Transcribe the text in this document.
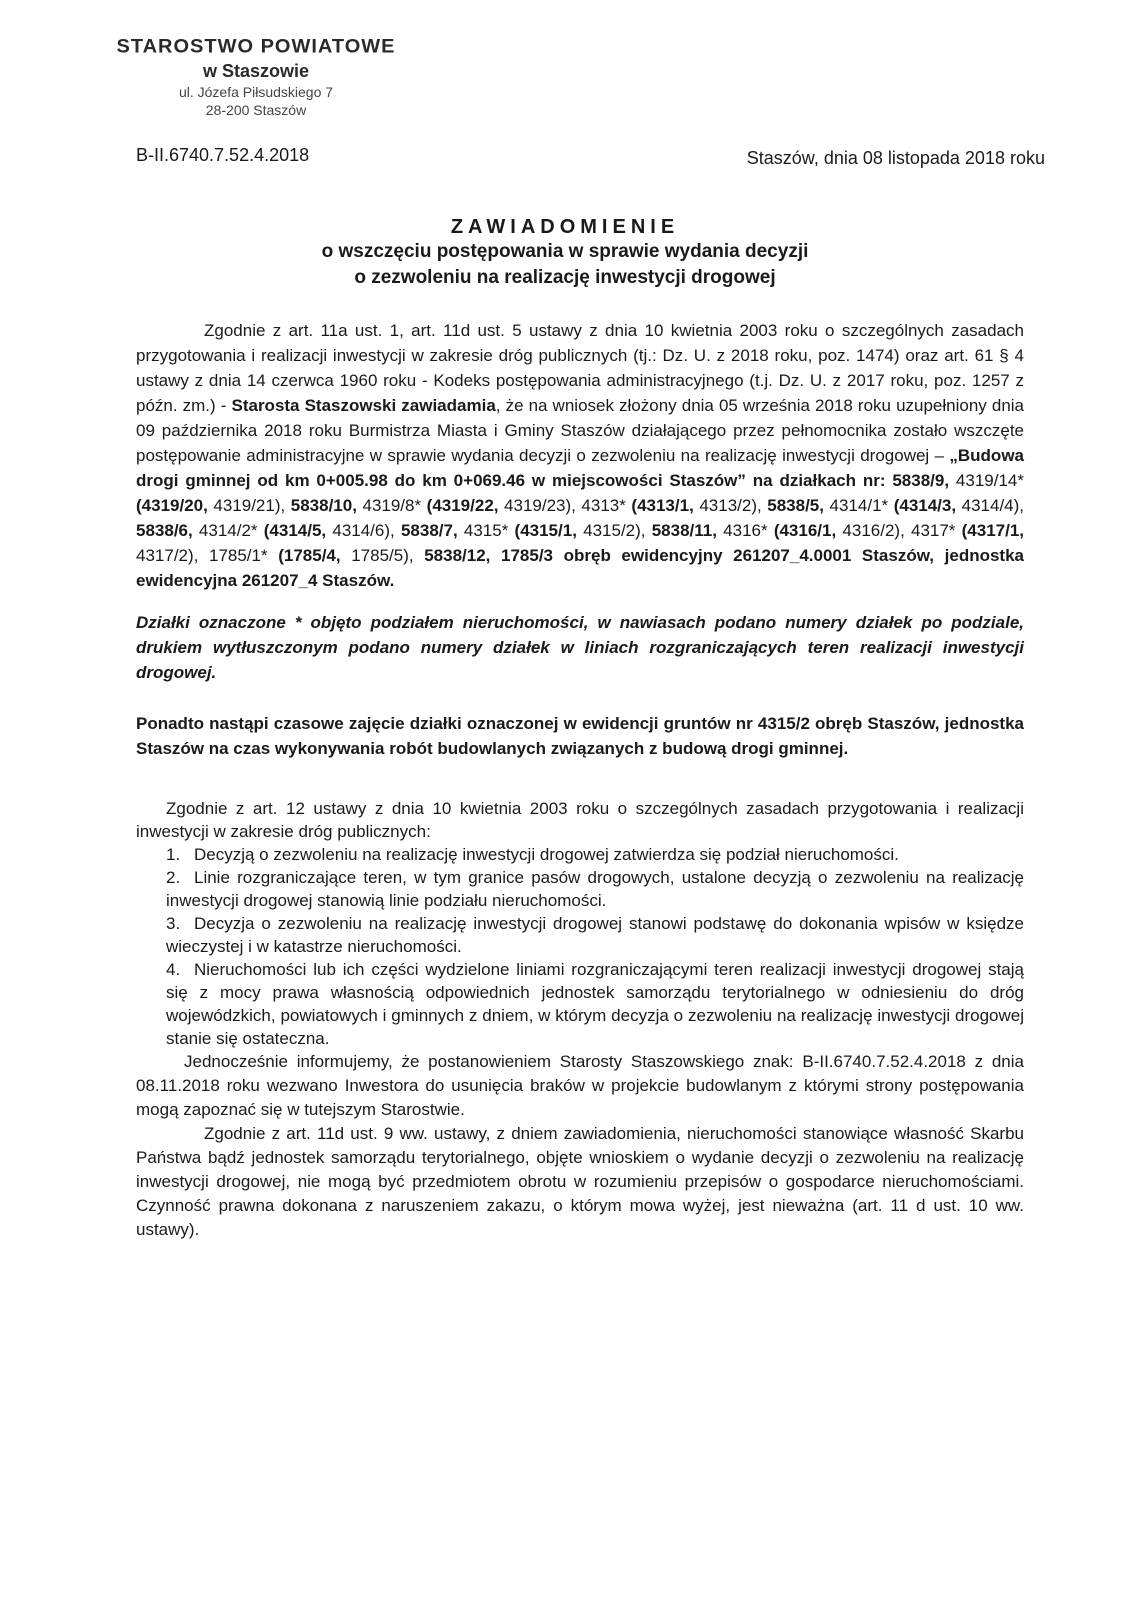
STAROSTWO POWIATOWE
w Staszowie
ul. Józefa Piłsudskiego 7
28-200 Staszów
B-II.6740.7.52.4.2018	Staszów, dnia 08 listopada 2018 roku
ZAWIADOMIENIE
o wszczęciu postępowania w sprawie wydania decyzji
o zezwoleniu na realizację inwestycji drogowej

Zgodnie z art. 11a ust. 1, art. 11d ust. 5 ustawy z dnia 10 kwietnia 2003 roku o szczególnych zasadach przygotowania i realizacji inwestycji w zakresie dróg publicznych (tj.: Dz. U. z 2018 roku, poz. 1474) oraz art. 61 § 4 ustawy z dnia 14 czerwca 1960 roku - Kodeks postępowania administracyjnego (t.j. Dz. U. z 2017 roku, poz. 1257 z późn. zm.) - Starosta Staszowski zawiadamia, że na wniosek złożony dnia 05 września 2018 roku uzupełniony dnia 09 października 2018 roku Burmistrza Miasta i Gminy Staszów działającego przez pełnomocnika zostało wszczęte postępowanie administracyjne w sprawie wydania decyzji o zezwoleniu na realizację inwestycji drogowej – „Budowa drogi gminnej od km 0+005.98 do km 0+069.46 w miejscowości Staszów” na działkach nr: 5838/9, 4319/14* (4319/20, 4319/21), 5838/10, 4319/8* (4319/22, 4319/23), 4313* (4313/1, 4313/2), 5838/5, 4314/1* (4314/3, 4314/4), 5838/6, 4314/2* (4314/5, 4314/6), 5838/7, 4315* (4315/1, 4315/2), 5838/11, 4316* (4316/1, 4316/2), 4317* (4317/1, 4317/2), 1785/1* (1785/4, 1785/5), 5838/12, 1785/3 obręb ewidencyjny 261207_4.0001 Staszów, jednostka ewidencyjna 261207_4 Staszów.

Działki oznaczone * objęto podziałem nieruchomości, w nawiasach podano numery działek po podziale, drukiem wytłuszczonym podano numery działek w liniach rozgraniczających teren realizacji inwestycji drogowej.

Ponadto nastąpi czasowe zajęcie działki oznaczonej w ewidencji gruntów nr 4315/2 obręb Staszów, jednostka Staszów na czas wykonywania robót budowlanych związanych z budową drogi gminnej.

Zgodnie z art. 12 ustawy z dnia 10 kwietnia 2003 roku o szczególnych zasadach przygotowania i realizacji inwestycji w zakresie dróg publicznych:

1. Decyzją o zezwoleniu na realizację inwestycji drogowej zatwierdza się podział nieruchomości.
2. Linie rozgraniczające teren, w tym granice pasów drogowych, ustalone decyzją o zezwoleniu na realizację inwestycji drogowej stanowią linie podziału nieruchomości.
3. Decyzja o zezwoleniu na realizację inwestycji drogowej stanowi podstawę do dokonania wpisów w księdze wieczystej i w katastrze nieruchomości.
4. Nieruchomości lub ich części wydzielone liniami rozgraniczającymi teren realizacji inwestycji drogowej stają się z mocy prawa własnością odpowiednich jednostek samorządu terytorialnego w odniesieniu do dróg wojewódzkich, powiatowych i gminnych z dniem, w którym decyzja o zezwoleniu na realizację inwestycji drogowej stanie się ostateczna.

Jednocześnie informujemy, że postanowieniem Starosty Staszowskiego znak: B-II.6740.7.52.4.2018 z dnia 08.11.2018 roku wezwano Inwestora do usunięcia braków w projekcie budowlanym z którymi strony postępowania mogą zapoznać się w tutejszym Starostwie.

Zgodnie z art. 11d ust. 9 ww. ustawy, z dniem zawiadomienia, nieruchomości stanowiące własność Skarbu Państwa bądź jednostek samorządu terytorialnego, objęte wnioskiem o wydanie decyzji o zezwoleniu na realizację inwestycji drogowej, nie mogą być przedmiotem obrotu w rozumieniu przepisów o gospodarce nieruchomościami. Czynność prawna dokonana z naruszeniem zakazu, o którym mowa wyżej, jest nieważna (art. 11 d ust. 10 ww. ustawy).
